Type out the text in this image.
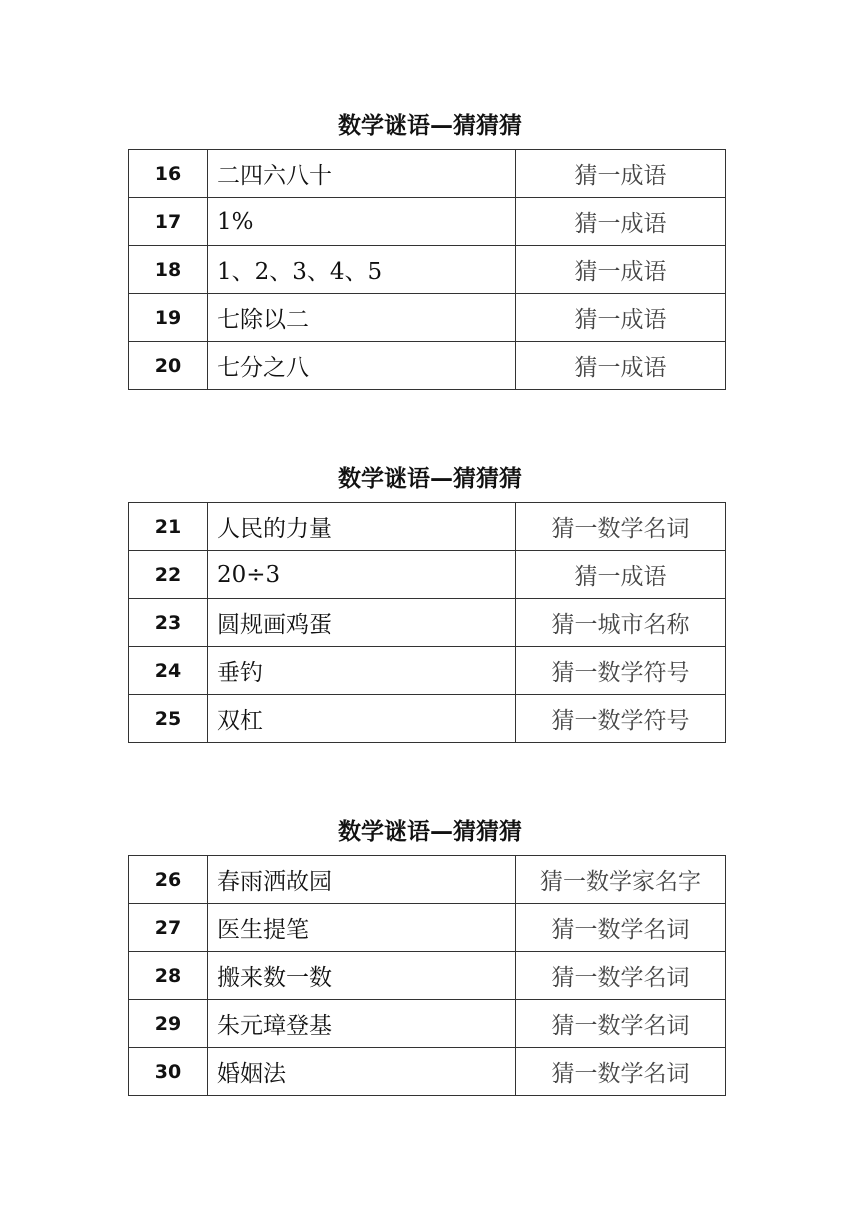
数学谜语—猜猜猜
16	二四六八十	猜一成语
17	1%	猜一成语
18	1、2、3、4、5	猜一成语
19	七除以二	猜一成语
20	七分之八	猜一成语
数学谜语—猜猜猜
21	人民的力量	猜一数学名词
22	20÷3	猜一成语
23	圆规画鸡蛋	猜一城市名称
24	垂钓	猜一数学符号
25	双杠	猜一数学符号
数学谜语—猜猜猜
26	春雨洒故园	猜一数学家名字
27	医生提笔	猜一数学名词
28	搬来数一数	猜一数学名词
29	朱元璋登基	猜一数学名词
30	婚姻法	猜一数学名词
